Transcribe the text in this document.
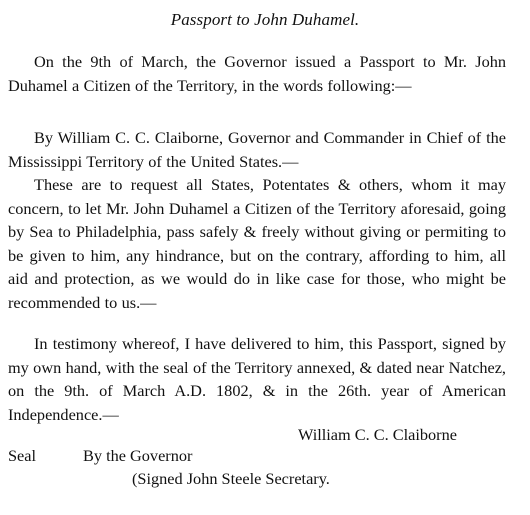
Passport to John Duhamel.

On the 9th of March, the Governor issued a Passport to Mr. John Duhamel a Citizen of the Territory, in the words following:—

By William C. C. Claiborne, Governor and Commander in Chief of the Mississippi Territory of the United States.—

These are to request all States, Potentates & others, whom it may concern, to let Mr. John Duhamel a Citizen of the Territory aforesaid, going by Sea to Philadelphia, pass safely & freely without giving or permiting to be given to him, any hindrance, but on the contrary, affording to him, all aid and protection, as we would do in like case for those, who might be recommended to us.—

In testimony whereof, I have delivered to him, this Passport, signed by my own hand, with the seal of the Territory annexed, & dated near Natchez, on the 9th. of March A.D. 1802, & in the 26th. year of American Independence.—

William C. C. Claiborne
Seal	By the Governor
(Signed John Steele Secretary.
